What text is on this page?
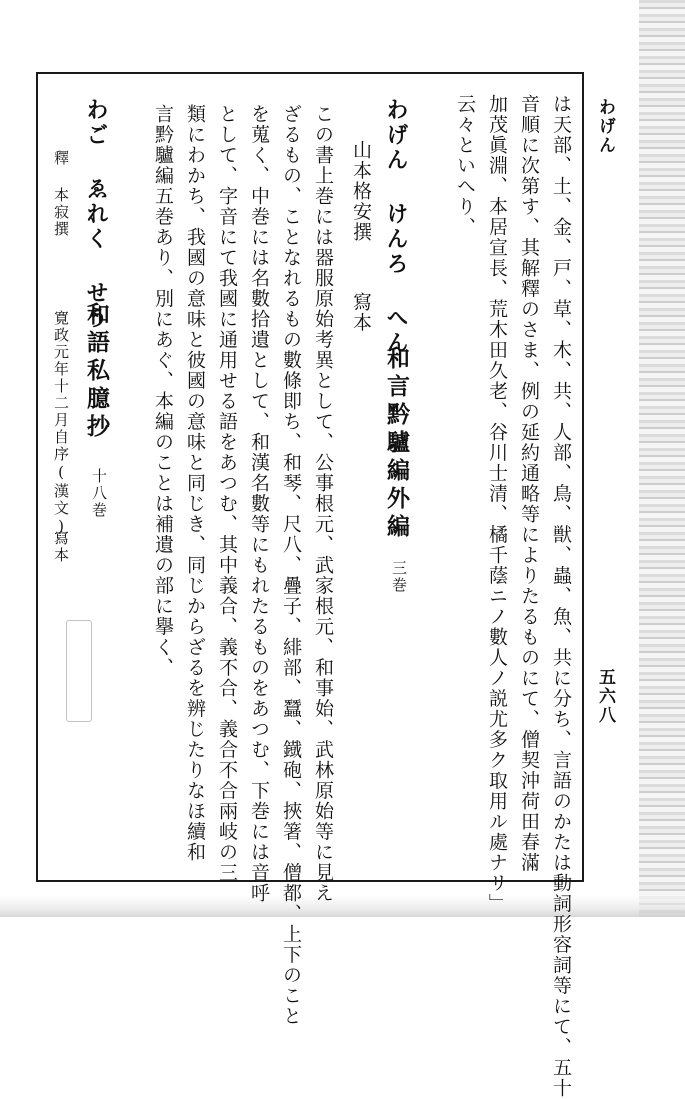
わげん
五六八
は天部、土、金、戸、草、木、共、人部、鳥、獣、蟲、魚、共に分ち、言語のかたは動詞形容詞等にて、五十
音順に次第す、其解釋のさま、例の延約通略等によりたるものにて、僧契沖荷田春滿
加茂眞淵、本居宣長、荒木田久老、谷川士清、橘千蔭ニノ數人ノ説尤多ク取用ル處ナリ」
云々といへり、
わげん けんろ へん
和言黔驢編外編
山本格安撰
寫本
三巻
この書上巻には器服原始考異として、公事根元、武家根元、和事始、武林原始等に見え
ざるもの、ことなれるもの數條即ち、和琴、尺八、疊子、緋部、蠶、鐡砲、挾箸、僧都、上下のこと
を蒐く、中巻には名數拾遺として、和漢名數等にもれたるものをあつむ、下巻には音呼
として、字音にて我國に通用せる語をあつむ、其中義合、義不合、義合不合兩岐の三
類にわかち、我國の意味と彼國の意味と同じき、同じからざるを辨じたりなほ續和
言黔驢編五巻あり、別にあぐ、本編のことは補遺の部に擧く、
わご ゑれく せう
和語私臆抄
十八巻
釋 本寂撰
寛政元年十二月自序(漢文)
寫本
